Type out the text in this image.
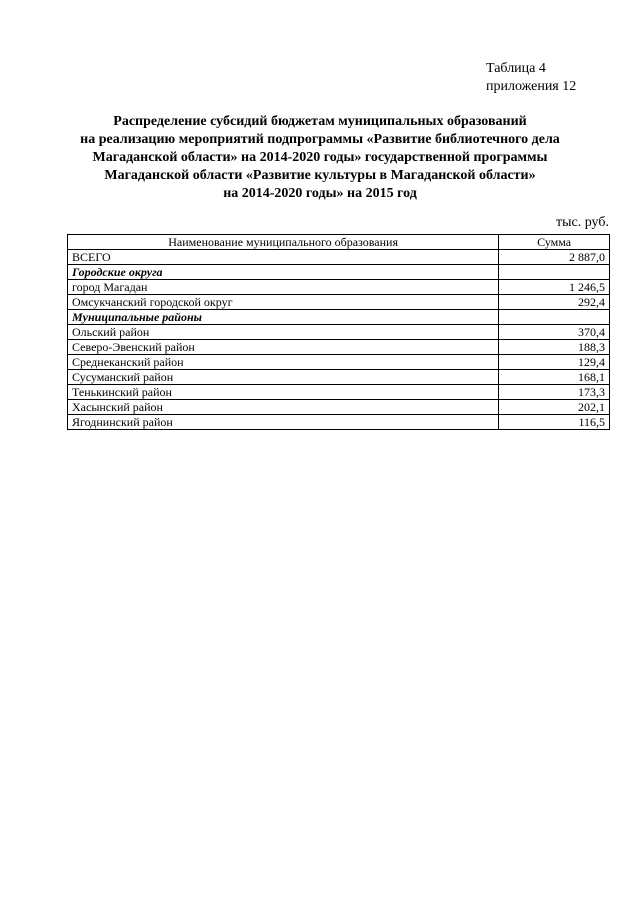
Таблица 4
приложения 12
Распределение субсидий бюджетам муниципальных образований
на реализацию мероприятий подпрограммы «Развитие библиотечного дела
Магаданской области» на 2014-2020 годы» государственной программы
Магаданской области «Развитие культуры в Магаданской области»
на 2014-2020 годы» на 2015 год
тыс. руб.
Наименование муниципального образования	Сумма
ВСЕГО	2 887,0
Городские округа	
город Магадан	1 246,5
Омсукчанский городской округ	292,4
Муниципальные районы	
Ольский район	370,4
Северо-Эвенский район	188,3
Среднеканский район	129,4
Сусуманский район	168,1
Тенькинский район	173,3
Хасынский район	202,1
Ягоднинский район	116,5
